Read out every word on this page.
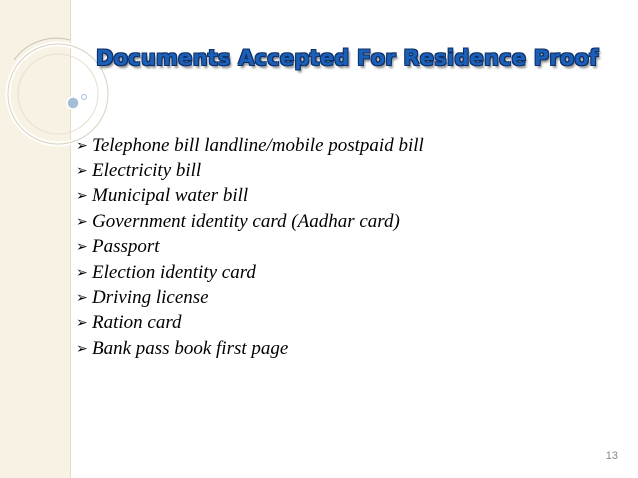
Documents Accepted For Residence Proof
➢ Telephone bill landline/mobile postpaid bill
➢ Electricity bill
➢ Municipal water bill
➢ Government identity card (Aadhar card)
➢ Passport
➢ Election identity card
➢ Driving license
➢ Ration card
➢ Bank pass book first page
13
